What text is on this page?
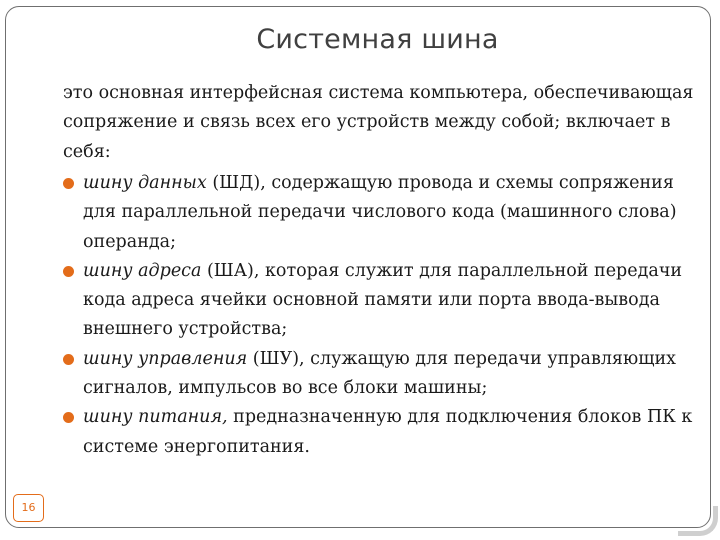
Системная шина
это основная интерфейсная система компьютера, обеспечивающая сопряжение и связь всех его устройств между собой; включает в себя:
шину данных (ШД), содержащую провода и схемы сопряжения для параллельной передачи числового кода (машинного слова) операнда;
шину адреса (ША), которая служит для параллельной передачи кода адреса ячейки основной памяти или порта ввода-вывода внешнего устройства;
шину управления (ШУ), служащую для передачи управляющих сигналов, импульсов во все блоки машины;
шину питания, предназначенную для подключения блоков ПК к системе энергопитания.
16
